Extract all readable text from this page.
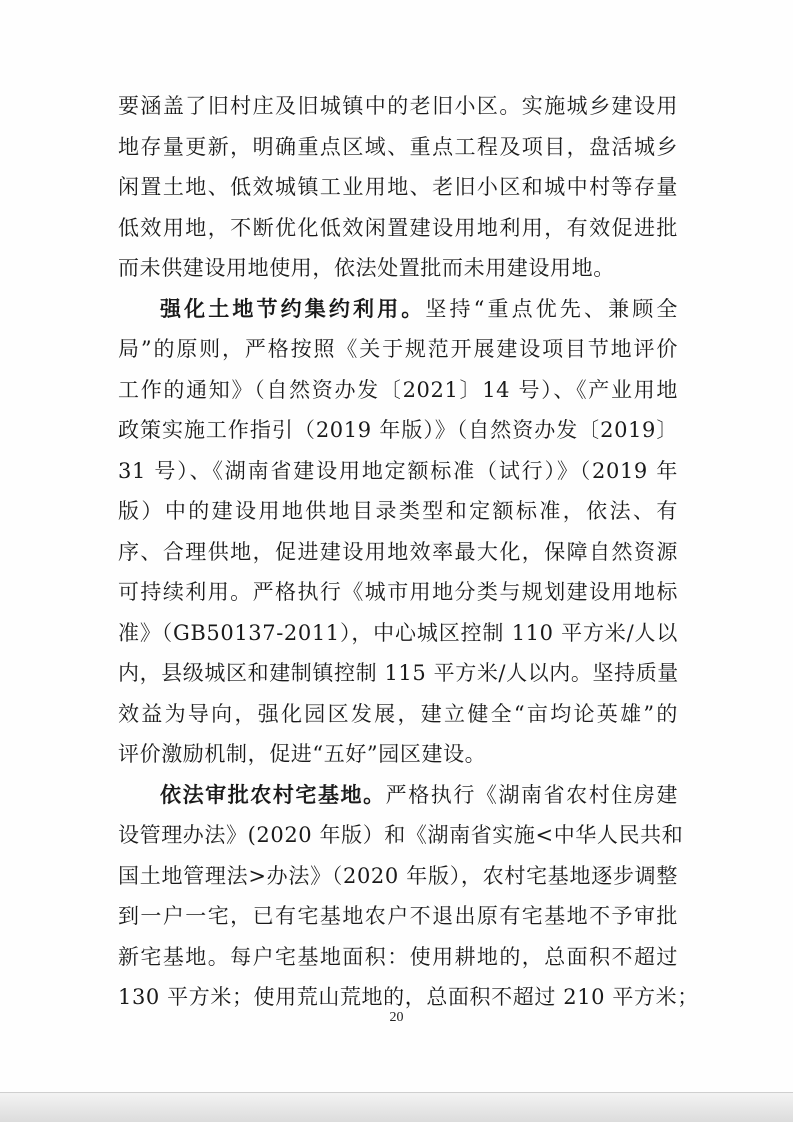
要涵盖了旧村庄及旧城镇中的老旧小区。实施城乡建设用
地存量更新，明确重点区域、重点工程及项目，盘活城乡
闲置土地、低效城镇工业用地、老旧小区和城中村等存量
低效用地，不断优化低效闲置建设用地利用，有效促进批
而未供建设用地使用，依法处置批而未用建设用地。
强化土地节约集约利用。坚持“重点优先、兼顾全
局”的原则，严格按照《关于规范开展建设项目节地评价
工作的通知》（自然资办发〔2021〕14 号）、《产业用地
政策实施工作指引（2019 年版）》（自然资办发〔2019〕
31 号）、《湖南省建设用地定额标准（试行）》（2019 年
版）中的建设用地供地目录类型和定额标准，依法、有
序、合理供地，促进建设用地效率最大化，保障自然资源
可持续利用。严格执行《城市用地分类与规划建设用地标
准》（GB50137-2011），中心城区控制 110 平方米/人以
内，县级城区和建制镇控制 115 平方米/人以内。坚持质量
效益为导向，强化园区发展，建立健全“亩均论英雄”的
评价激励机制，促进“五好”园区建设。
依法审批农村宅基地。严格执行《湖南省农村住房建
设管理办法》(2020 年版）和《湖南省实施<中华人民共和
国土地管理法>办法》（2020 年版），农村宅基地逐步调整
到一户一宅，已有宅基地农户不退出原有宅基地不予审批
新宅基地。每户宅基地面积：使用耕地的，总面积不超过
130 平方米；使用荒山荒地的，总面积不超过 210 平方米；
20
